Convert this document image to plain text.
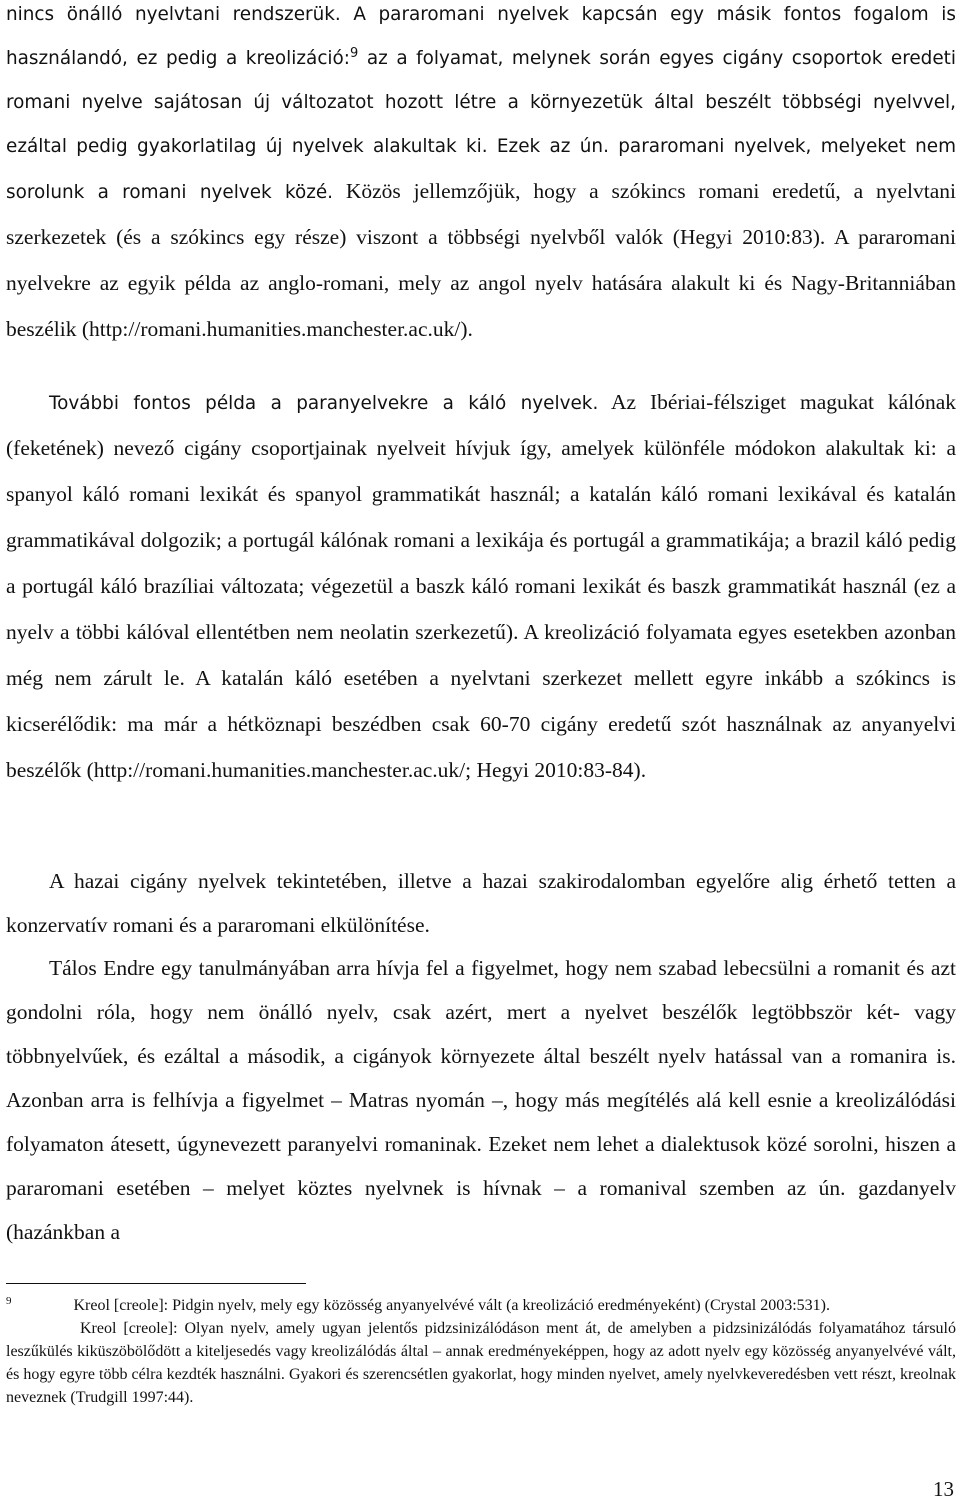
nincs önálló nyelvtani rendszerük. A pararomani nyelvek kapcsán egy másik fontos fogalom is használandó, ez pedig a kreolizáció:$^9$ az a folyamat, melynek során egyes cigány csoportok eredeti romani nyelve sajátosan új változatot hozott létre a környezetük által beszélt többségi nyelvvel, ezáltal pedig gyakorlatilag új nyelvek alakultak ki. Ezek az ún. pararomani nyelvek, melyeket nem sorolunk a romani nyelvek közé. Közös jellemzőjük, hogy a szókincs romani eredetű, a nyelvtani szerkezetek (és a szókincs egy része) viszont a többségi nyelvből valók (Hegyi 2010:83). A pararomani nyelvekre az egyik példa az anglo-romani, mely az angol nyelv hatására alakult ki és Nagy-Britanniában beszélik (http://romani.humanities.manchester.ac.uk/).

További fontos példa a paranyelvekre a káló nyelvek. Az Ibériai-félsziget magukat kálónak (feketének) nevező cigány csoportjainak nyelveit hívjuk így, amelyek különféle módokon alakultak ki: a spanyol káló romani lexikát és spanyol grammatikát használ; a katalán káló romani lexikával és katalán grammatikával dolgozik; a portugál kálónak romani a lexikája és portugál a grammatikája; a brazil káló pedig a portugál káló brazíliai változata; végezetül a baszk káló romani lexikát és baszk grammatikát használ (ez a nyelv a többi kálóval ellentétben nem neolatin szerkezetű). A kreolizáció folyamata egyes esetekben azonban még nem zárult le. A katalán káló esetében a nyelvtani szerkezet mellett egyre inkább a szókincs is kicserélődik: ma már a hétköznapi beszédben csak 60-70 cigány eredetű szót használnak az anyanyelvi beszélők (http://romani.humanities.manchester.ac.uk/; Hegyi 2010:83-84).

A hazai cigány nyelvek tekintetében, illetve a hazai szakirodalomban egyelőre alig érhető tetten a konzervatív romani és a pararomani elkülönítése.

Tálos Endre egy tanulmányában arra hívja fel a figyelmet, hogy nem szabad lebecsülni a romanit és azt gondolni róla, hogy nem önálló nyelv, csak azért, mert a nyelvet beszélők legtöbbször két- vagy többnyelvűek, és ezáltal a második, a cigányok környezete által beszélt nyelv hatással van a romanira is. Azonban arra is felhívja a figyelmet – Matras nyomán –, hogy más megítélés alá kell esnie a kreolizálódási folyamaton átesett, úgynevezett paranyelvi romaninak. Ezeket nem lehet a dialektusok közé sorolni, hiszen a pararomani esetében – melyet köztes nyelvnek is hívnak – a romanival szemben az ún. gazdanyelv (hazánkban a

$^9$	Kreol [creole]: Pidgin nyelv, mely egy közösség anyanyelvévé vált (a kreolizáció eredményeként) (Crystal 2003:531).

Kreol [creole]: Olyan nyelv, amely ugyan jelentős pidzsinizálódáson ment át, de amelyben a pidzsinizálódás folyamatához társuló leszűkülés kiküszöbölődött a kiteljesedés vagy kreolizálódás által – annak eredményeképpen, hogy az adott nyelv egy közösség anyanyelvévé vált, és hogy egyre több célra kezdték használni. Gyakori és szerencsétlen gyakorlat, hogy minden nyelvet, amely nyelvkeveredésben vett részt, kreolnak neveznek (Trudgill 1997:44).

13
